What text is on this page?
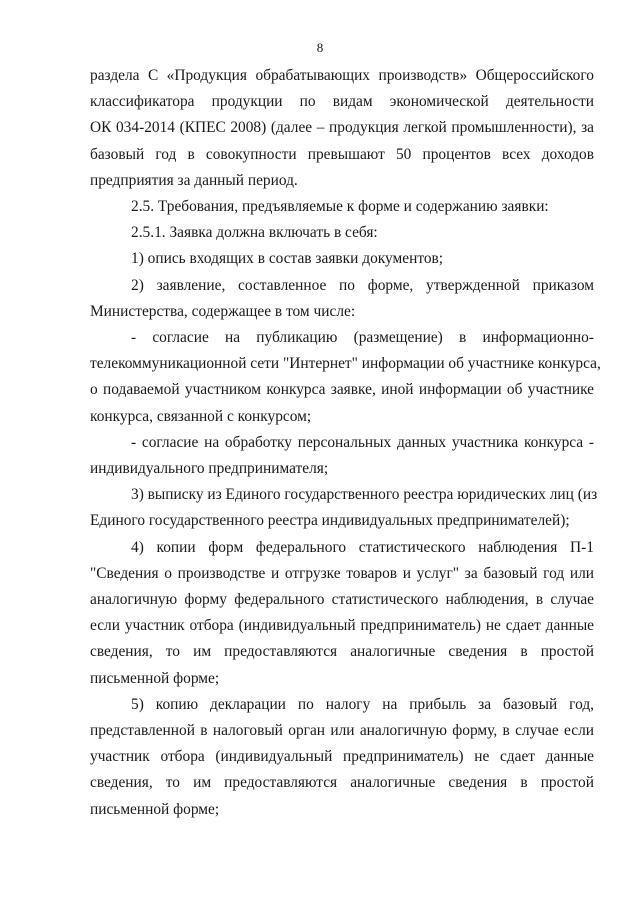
8
раздела С «Продукция обрабатывающих производств» Общероссийского
классификатора продукции по видам экономической деятельности
ОК 034-2014 (КПЕС 2008) (далее – продукция легкой промышленности), за
базовый год в совокупности превышают 50 процентов всех доходов
предприятия за данный период.
2.5. Требования, предъявляемые к форме и содержанию заявки:
2.5.1. Заявка должна включать в себя:
1) опись входящих в состав заявки документов;
2) заявление, составленное по форме, утвержденной приказом
Министерства, содержащее в том числе:
- согласие на публикацию (размещение) в информационно-
телекоммуникационной сети "Интернет" информации об участнике конкурса,
о подаваемой участником конкурса заявке, иной информации об участнике
конкурса, связанной с конкурсом;
- согласие на обработку персональных данных участника конкурса -
индивидуального предпринимателя;
3) выписку из Единого государственного реестра юридических лиц (из
Единого государственного реестра индивидуальных предпринимателей);
4) копии форм федерального статистического наблюдения П-1
"Сведения о производстве и отгрузке товаров и услуг" за базовый год или
аналогичную форму федерального статистического наблюдения, в случае
если участник отбора (индивидуальный предприниматель) не сдает данные
сведения, то им предоставляются аналогичные сведения в простой
письменной форме;
5) копию декларации по налогу на прибыль за базовый год,
представленной в налоговый орган или аналогичную форму, в случае если
участник отбора (индивидуальный предприниматель) не сдает данные
сведения, то им предоставляются аналогичные сведения в простой
письменной форме;
